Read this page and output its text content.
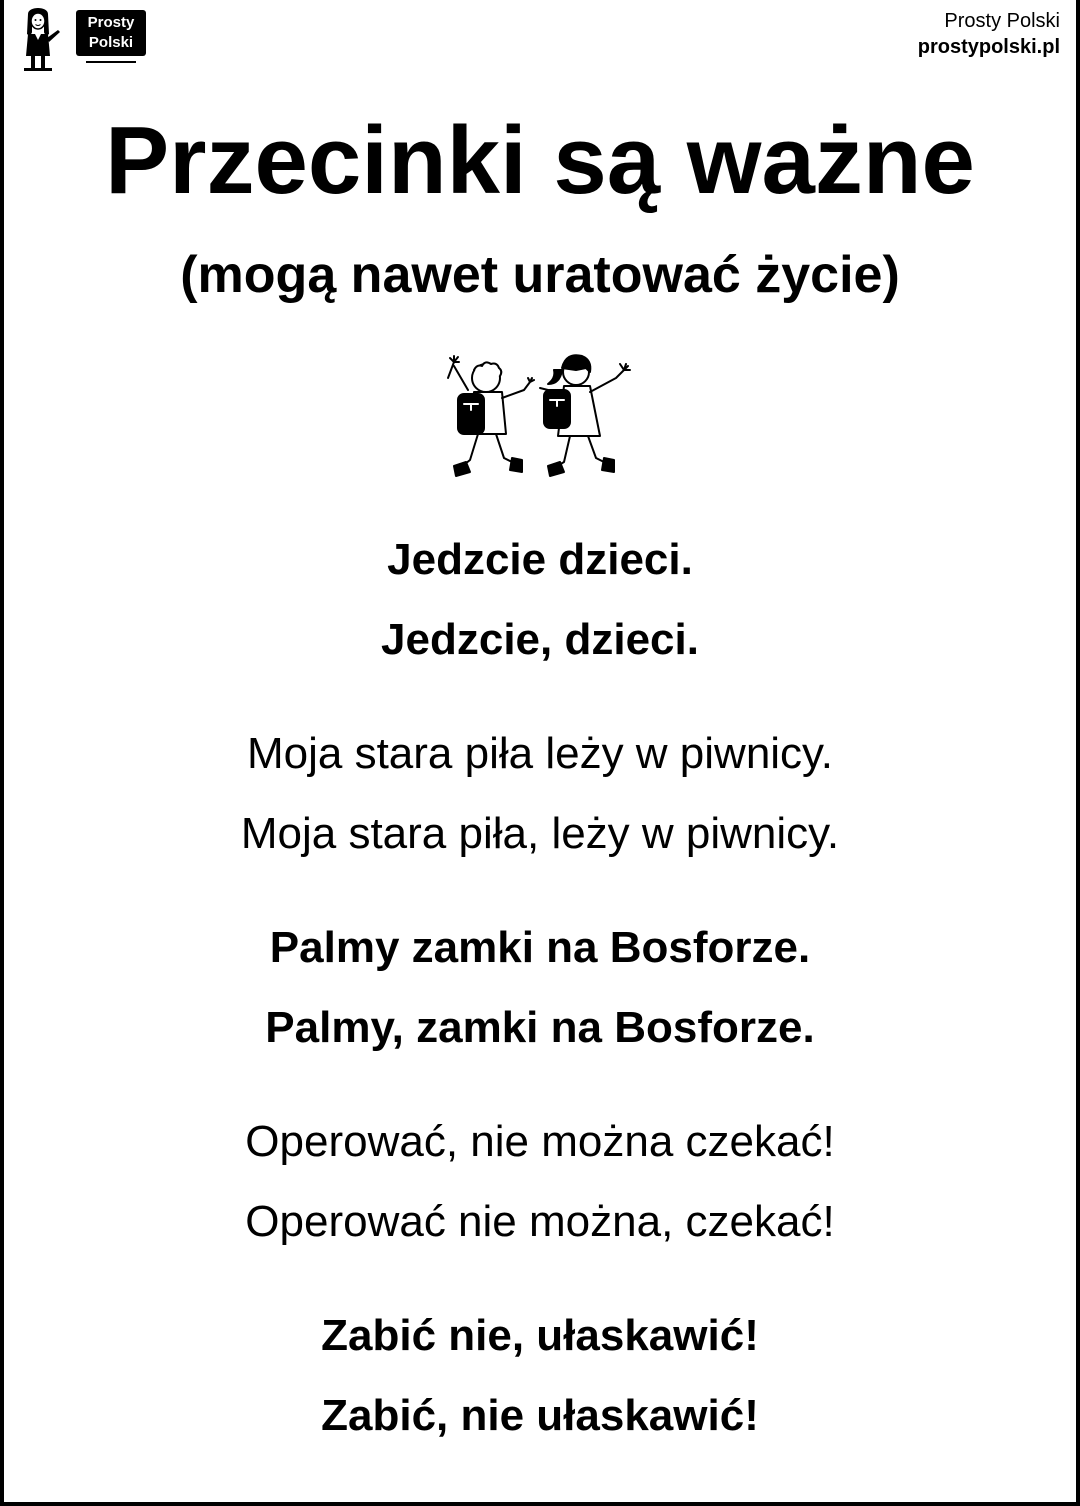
Prosty
Polski
Prosty Polski
prostypolski.pl
Przecinki są ważne
(mogą nawet uratować życie)
Jedzcie dzieci.
Jedzcie, dzieci.
Moja stara piła leży w piwnicy.
Moja stara piła, leży w piwnicy.
Palmy zamki na Bosforze.
Palmy, zamki na Bosforze.
Operować, nie można czekać!
Operować nie można, czekać!
Zabić nie, ułaskawić!
Zabić, nie ułaskawić!
